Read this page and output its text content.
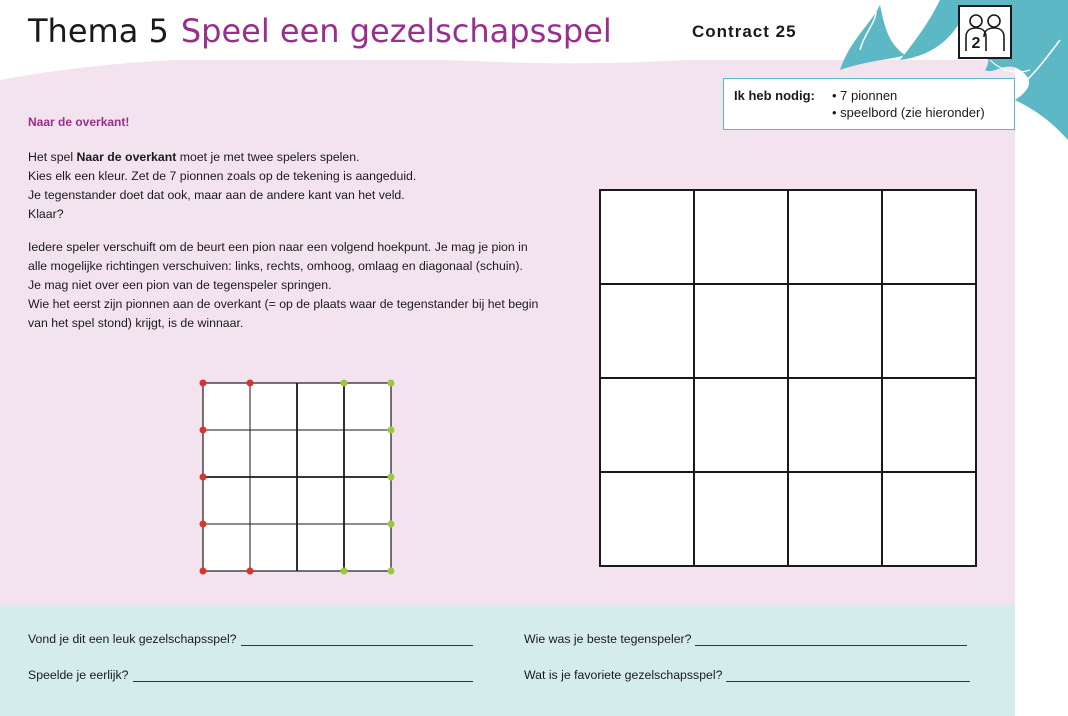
Thema 5 Speel een gezelschapsspel	Contract 25
2
Ik heb nodig: • 7 pionnen
• speelbord (zie hieronder)
Naar de overkant!
Het spel Naar de overkant moet je met twee spelers spelen.
Kies elk een kleur. Zet de 7 pionnen zoals op de tekening is aangeduid.
Je tegenstander doet dat ook, maar aan de andere kant van het veld.
Klaar?
Iedere speler verschuift om de beurt een pion naar een volgend hoekpunt. Je mag je pion in
alle mogelijke richtingen verschuiven: links, rechts, omhoog, omlaag en diagonaal (schuin).
Je mag niet over een pion van de tegenspeler springen.
Wie het eerst zijn pionnen aan de overkant (= op de plaats waar de tegenstander bij het begin
van het spel stond) krijgt, is de winnaar.
Vond je dit een leuk gezelschapsspel?
Speelde je eerlijk?
Wie was je beste tegenspeler?
Wat is je favoriete gezelschapsspel?
